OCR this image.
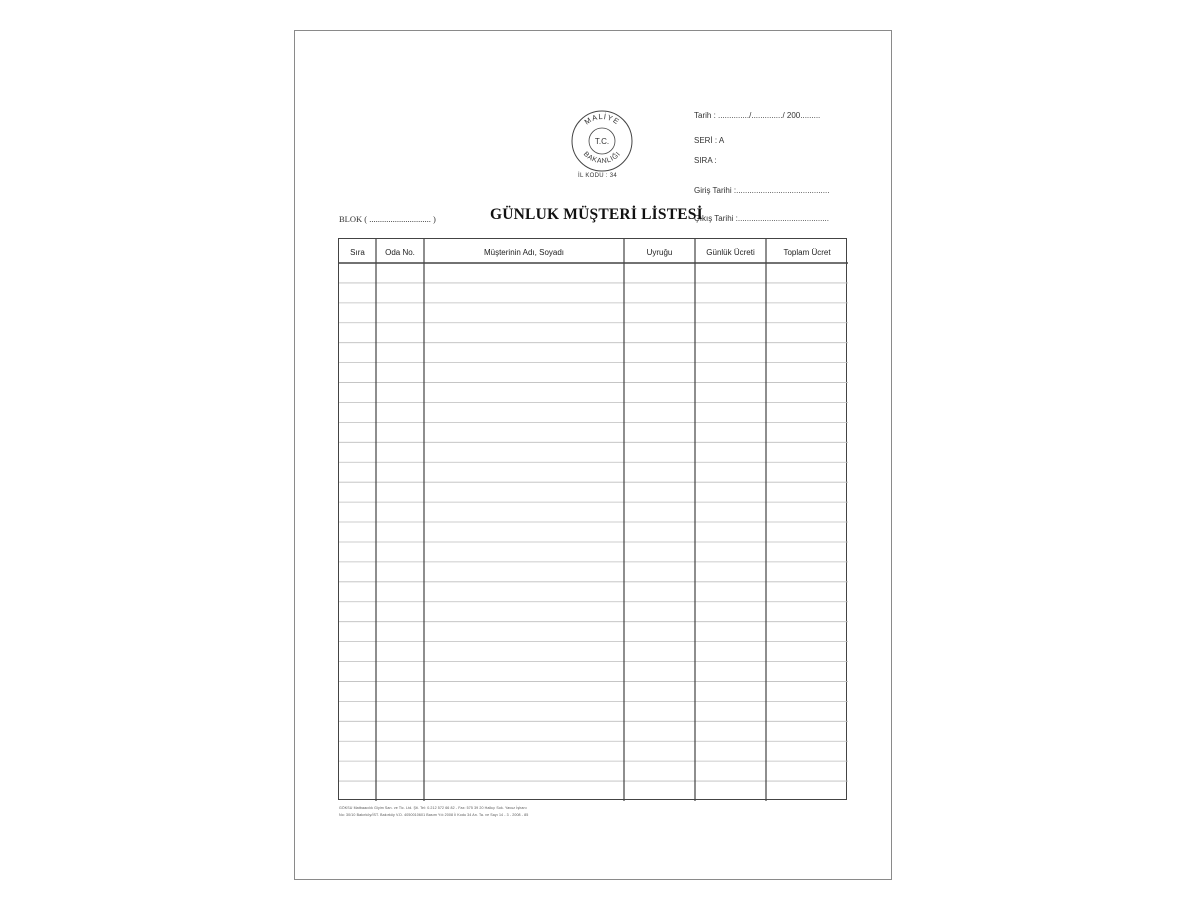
MALİYE
BAKANLIĞI
T.C.
İL KODU : 34
Tarih : ............../............../ 200.........
SERİ : A
SIRA :
Giriş Tarihi :..........................................
Çıkış Tarihi :.........................................
BLOK ( ............................. )	GÜNLUK MÜŞTERİ LİSTESİ
Sıra	Oda No.	Müşterinin Adı, Soyadı	Uyruğu	Günlük Ücreti	Toplam Ücret
GÖKSU Matbaacılık Giyim San. ve Tic. Ltd. Şti. Tel: 0.212 572 66 82 - Fax: 575 39 20 Halkçı Sok. Yavuz İşhanı
No: 30/10 Bakırköy/İST. Bakırköy V.D. 4050010601 Basım Yılı 2008 İl Kodu 34 An. Ta. ve Sayı 14 - 3 - 2008 - 85
